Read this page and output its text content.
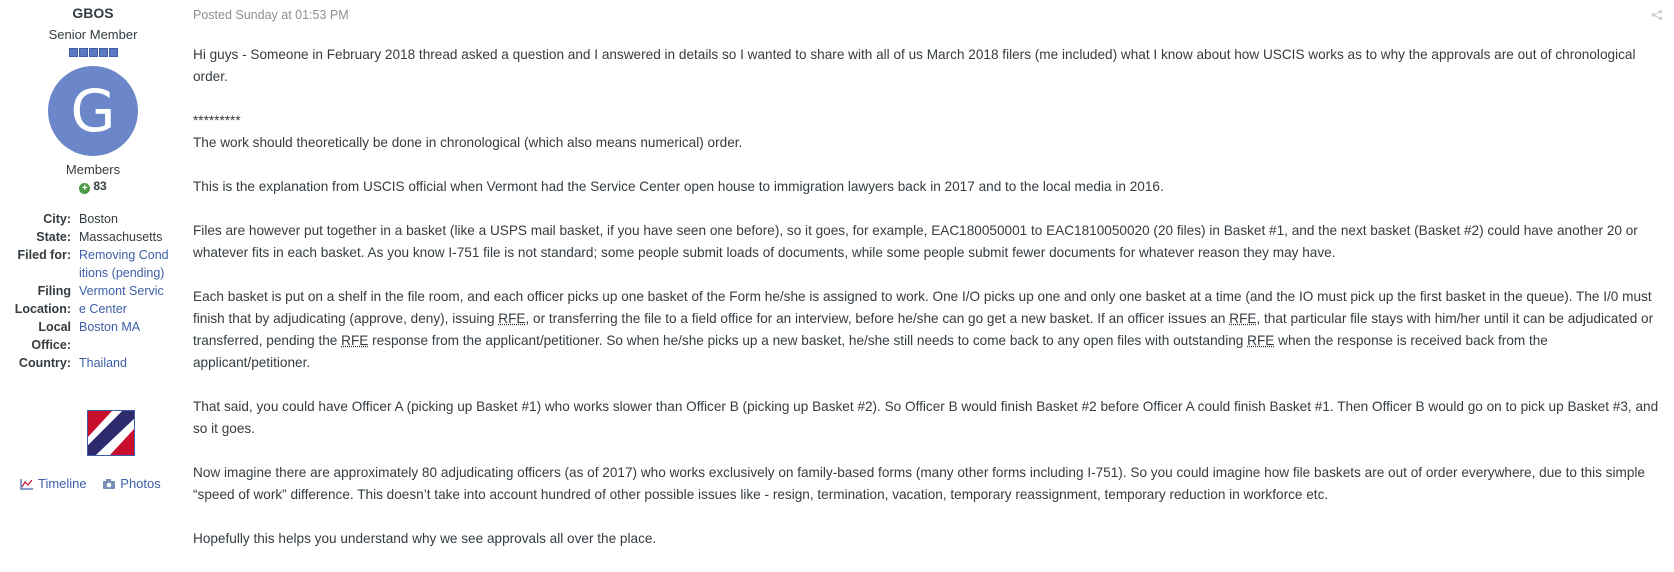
GBOS
Senior Member
G
Members
+ 83
City: Boston
State: Massachusetts
Filed for: Removing Conditions (pending)
Filing Location:
Vermont Service Center
Local Office:
Boston MA
Country: Thailand
Timeline	Photos
Posted Sunday at 01:53 PM

Hi guys - Someone in February 2018 thread asked a question and I answered in details so I wanted to share with all of us March 2018 filers (me included) what I know about how USCIS works as to why the approvals are out of chronological order.

*********

The work should theoretically be done in chronological (which also means numerical) order.

This is the explanation from USCIS official when Vermont had the Service Center open house to immigration lawyers back in 2017 and to the local media in 2016.

Files are however put together in a basket (like a USPS mail basket, if you have seen one before), so it goes, for example, EAC180050001 to EAC1810050020 (20 files) in Basket #1, and the next basket (Basket #2) could have another 20 or whatever fits in each basket. As you know I-751 file is not standard; some people submit loads of documents, while some people submit fewer documents for whatever reason they may have.

Each basket is put on a shelf in the file room, and each officer picks up one basket of the Form he/she is assigned to work. One I/O picks up one and only one basket at a time (and the IO must pick up the first basket in the queue). The I/0 must finish that by adjudicating (approve, deny), issuing RFE, or transferring the file to a field office for an interview, before he/she can go get a new basket. If an officer issues an RFE, that particular file stays with him/her until it can be adjudicated or transferred, pending the RFE response from the applicant/petitioner. So when he/she picks up a new basket, he/she still needs to come back to any open files with outstanding RFE when the response is received back from the applicant/petitioner.

That said, you could have Officer A (picking up Basket #1) who works slower than Officer B (picking up Basket #2). So Officer B would finish Basket #2 before Officer A could finish Basket #1. Then Officer B would go on to pick up Basket #3, and so it goes.

Now imagine there are approximately 80 adjudicating officers (as of 2017) who works exclusively on family-based forms (many other forms including I-751). So you could imagine how file baskets are out of order everywhere, due to this simple “speed of work” difference. This doesn’t take into account hundred of other possible issues like - resign, termination, vacation, temporary reassignment, temporary reduction in workforce etc.

Hopefully this helps you understand why we see approvals all over the place.
